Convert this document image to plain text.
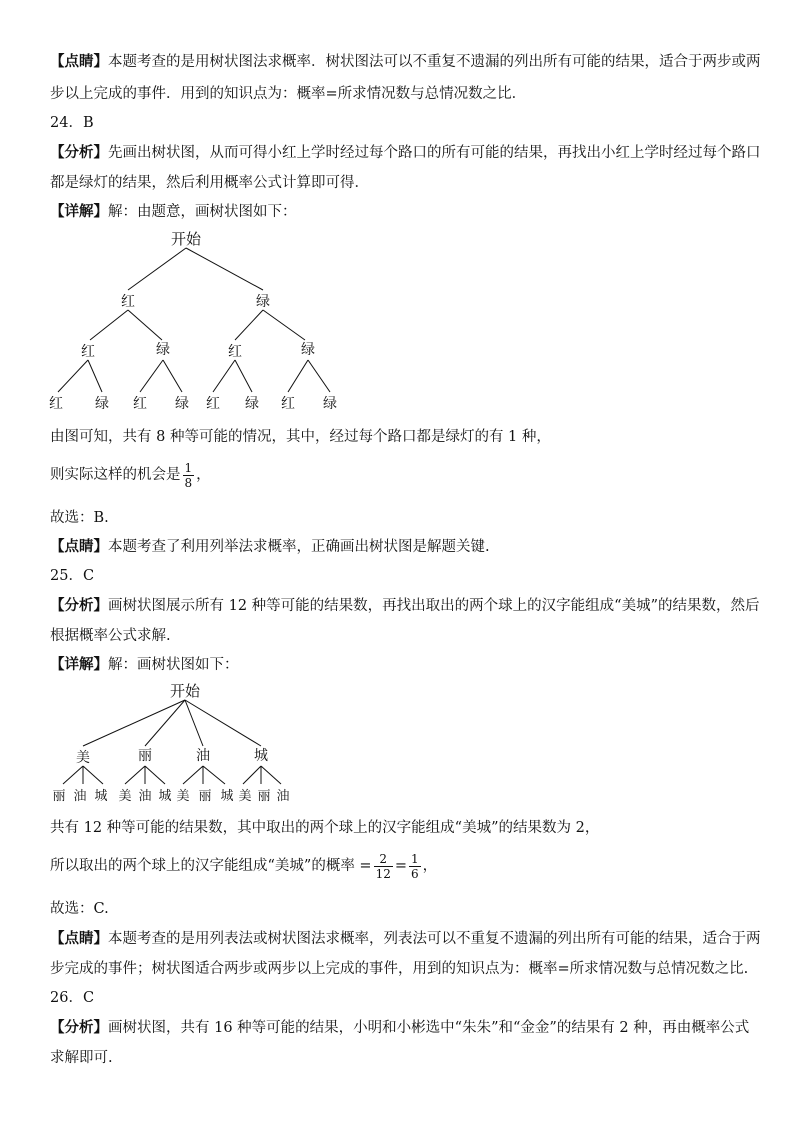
【点睛】本题考查的是用树状图法求概率．树状图法可以不重复不遗漏的列出所有可能的结果，适合于两步或两
步以上完成的事件．用到的知识点为：概率=所求情况数与总情况数之比．
24．B
【分析】先画出树状图，从而可得小红上学时经过每个路口的所有可能的结果，再找出小红上学时经过每个路口
都是绿灯的结果，然后利用概率公式计算即可得．
【详解】解：由题意，画树状图如下：
开始
红	绿
红	绿	红	绿
红 绿 红 绿 红 绿 红 绿
由图可知，共有 8 种等可能的情况，其中，经过每个路口都是绿灯的有 1 种，
则实际这样的机会是 $\frac{1}{8}$ ，
故选：B.
【点睛】本题考查了利用列举法求概率，正确画出树状图是解题关键.
25．C
【分析】画树状图展示所有 12 种等可能的结果数，再找出取出的两个球上的汉字能组成“美城”的结果数，然后
根据概率公式求解.
【详解】解：画树状图如下：
开始
美	丽	油	城
丽 油 城 美 油 城 美 丽 城 美 丽 油
共有 12 种等可能的结果数，其中取出的两个球上的汉字能组成“美城”的结果数为 2，
所以取出的两个球上的汉字能组成“美城”的概率 = $\frac{2}{12} = \frac{1}{6}$ ，
故选：C.
【点睛】本题考查的是用列表法或树状图法求概率，列表法可以不重复不遗漏的列出所有可能的结果，适合于两
步完成的事件；树状图适合两步或两步以上完成的事件，用到的知识点为：概率=所求情况数与总情况数之比.
26．C
【分析】画树状图，共有 16 种等可能的结果，小明和小彬选中“朱朱”和“金金”的结果有 2 种，再由概率公式
求解即可.
